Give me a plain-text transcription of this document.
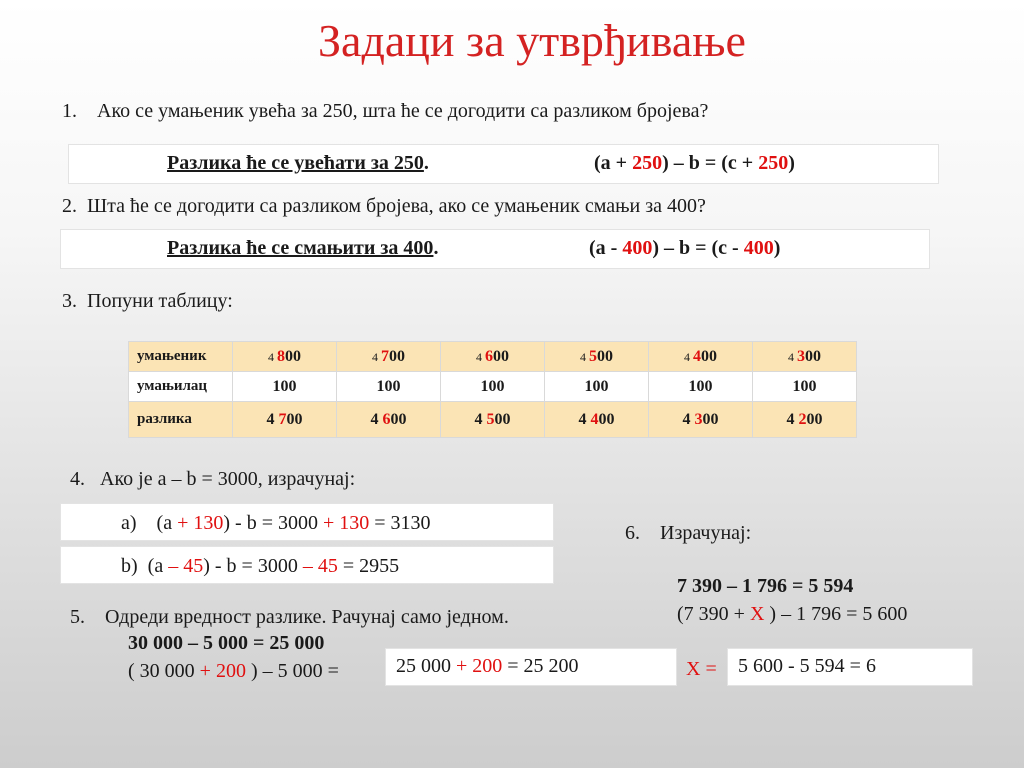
Задаци за утврђивање
1. Ако се умањеник увећа за 250, шта ће се догодити са разликом бројева?
Разлика ће се увећати за 250.	(a + 250) – b = (c + 250)
2. Шта ће се догодити са разликом бројева, ако се умањеник смањи за 400?
Разлика ће се смањити за 400.	(a - 400) – b = (c - 400)
3. Попуни таблицу:
умањеник	4 800	4 700	4 600	4 500	4 400	4 300
умањилац	100	100	100	100	100	100
разлика	4 700	4 600	4 500	4 400	4 300	4 200
4. Ако је a – b = 3000, израчунај:
a) (a + 130) - b = 3000 + 130 = 3130
b) (a – 45) - b = 3000 – 45 = 2955
5. Одреди вредност разлике. Рачунај само једном.
30 000 – 5 000 = 25 000
( 30 000 + 200 ) – 5 000 =	25 000 + 200 = 25 200
6. Израчунај:
7 390 – 1 796 = 5 594
(7 390 + X ) – 1 796 = 5 600
X = 5 600 - 5 594 = 6
